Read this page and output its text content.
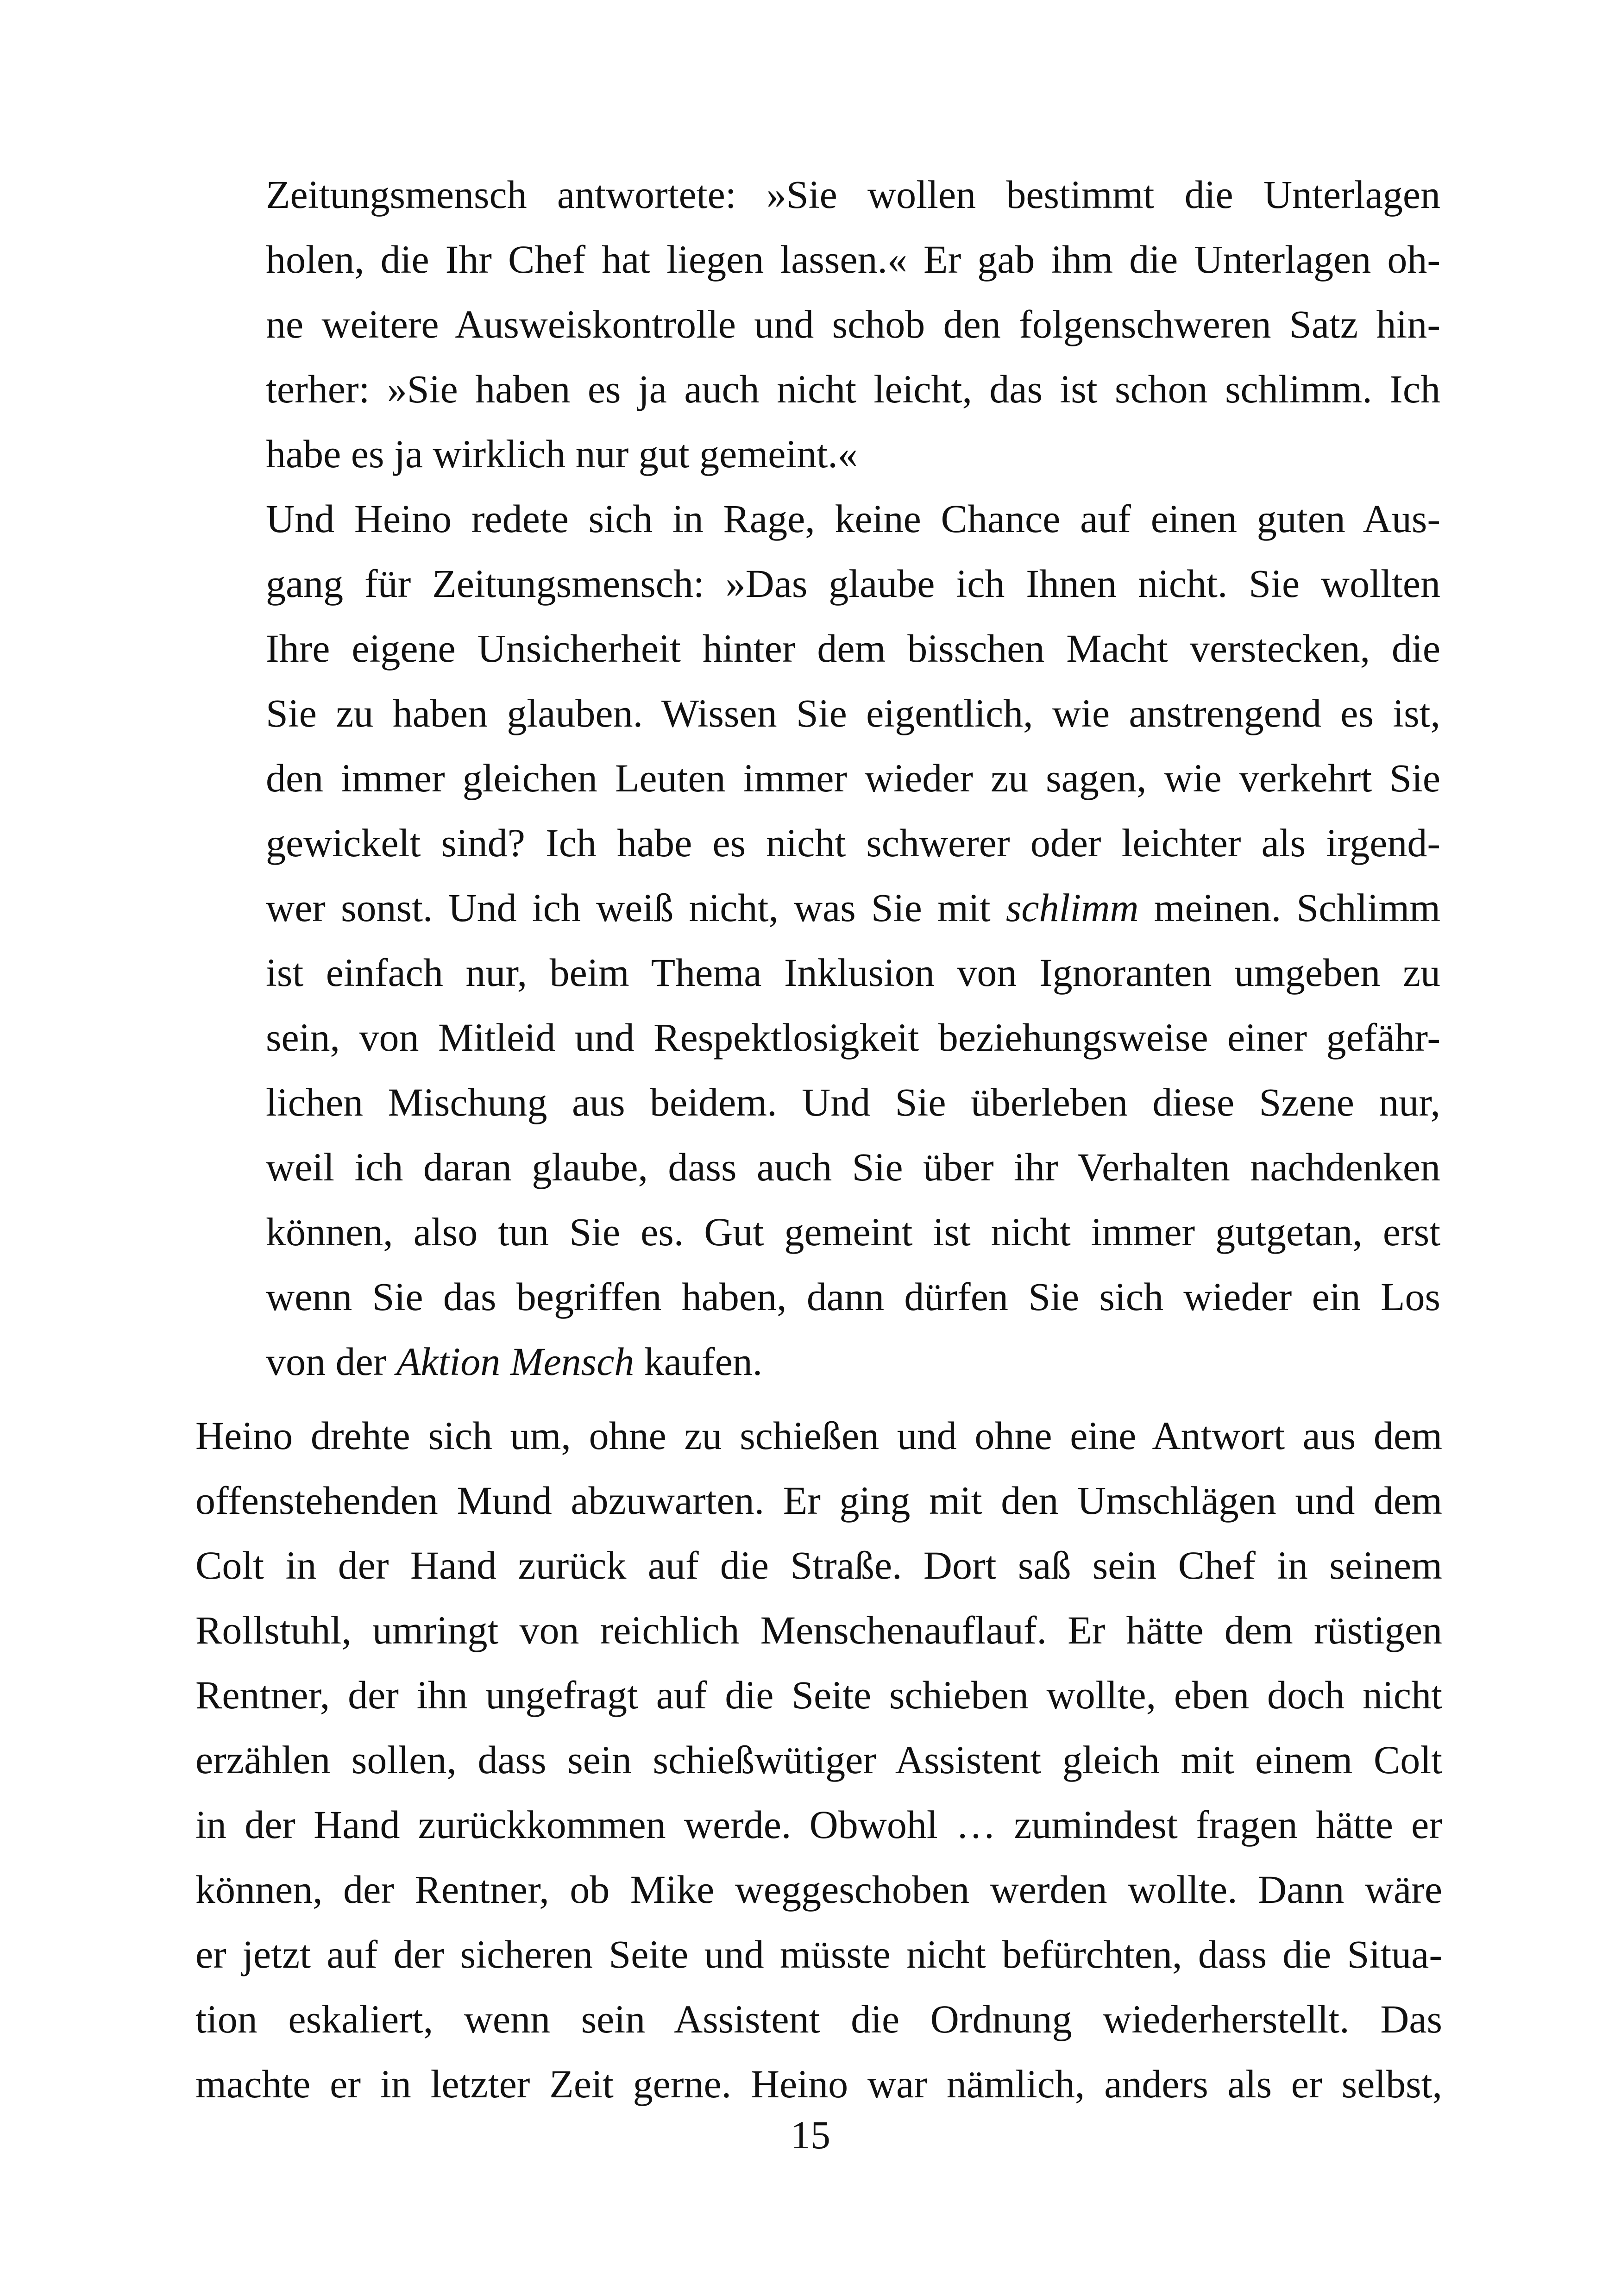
Zeitungsmensch antwortete: »Sie wollen bestimmt die Unterlagen

holen, die Ihr Chef hat liegen lassen.« Er gab ihm die Unterlagen oh-

ne weitere Ausweiskontrolle und schob den folgenschweren Satz hin-

terher: »Sie haben es ja auch nicht leicht, das ist schon schlimm. Ich

habe es ja wirklich nur gut gemeint.«

Und Heino redete sich in Rage, keine Chance auf einen guten Aus-

gang für Zeitungsmensch: »Das glaube ich Ihnen nicht. Sie wollten

Ihre eigene Unsicherheit hinter dem bisschen Macht verstecken, die

Sie zu haben glauben. Wissen Sie eigentlich, wie anstrengend es ist,

den immer gleichen Leuten immer wieder zu sagen, wie verkehrt Sie

gewickelt sind? Ich habe es nicht schwerer oder leichter als irgend-

wer sonst. Und ich weiß nicht, was Sie mit schlimm meinen. Schlimm

ist einfach nur, beim Thema Inklusion von Ignoranten umgeben zu

sein, von Mitleid und Respektlosigkeit beziehungsweise einer gefähr-

lichen Mischung aus beidem. Und Sie überleben diese Szene nur,

weil ich daran glaube, dass auch Sie über ihr Verhalten nachdenken

können, also tun Sie es. Gut gemeint ist nicht immer gutgetan, erst

wenn Sie das begriffen haben, dann dürfen Sie sich wieder ein Los

von der Aktion Mensch kaufen.

Heino drehte sich um, ohne zu schießen und ohne eine Antwort aus dem

offenstehenden Mund abzuwarten. Er ging mit den Umschlägen und dem

Colt in der Hand zurück auf die Straße. Dort saß sein Chef in seinem

Rollstuhl, umringt von reichlich Menschenauflauf. Er hätte dem rüstigen

Rentner, der ihn ungefragt auf die Seite schieben wollte, eben doch nicht

erzählen sollen, dass sein schießwütiger Assistent gleich mit einem Colt

in der Hand zurückkommen werde. Obwohl … zumindest fragen hätte er

können, der Rentner, ob Mike weggeschoben werden wollte. Dann wäre

er jetzt auf der sicheren Seite und müsste nicht befürchten, dass die Situa-

tion eskaliert, wenn sein Assistent die Ordnung wiederherstellt. Das

machte er in letzter Zeit gerne. Heino war nämlich, anders als er selbst,

15
